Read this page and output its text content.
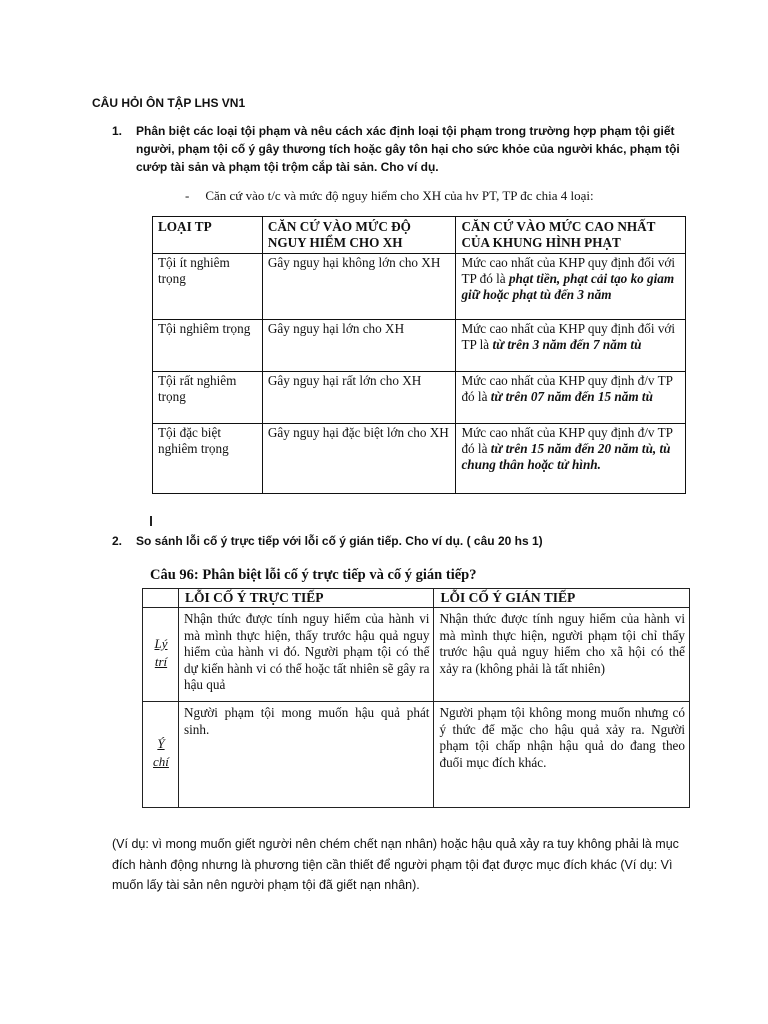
CÂU HỎI ÔN TẬP LHS VN1
1. Phân biệt các loại tội phạm và nêu cách xác định loại tội phạm trong trường hợp phạm tội giết người, phạm tội cố ý gây thương tích hoặc gây tôn hại cho sức khỏe của người khác, phạm tội cướp tài sản và phạm tội trộm cắp tài sản. Cho ví dụ.
- Căn cứ vào t/c và mức độ nguy hiểm cho XH của hv PT, TP đc chia 4 loại:
LOẠI TP	CĂN CỨ VÀO MỨC ĐỘ NGUY HIỂM CHO XH	CĂN CỨ VÀO MỨC CAO NHẤT CỦA KHUNG HÌNH PHẠT
Tội ít nghiêm trọng	Gây nguy hại không lớn cho XH	Mức cao nhất của KHP quy định đối với TP đó là phạt tiền, phạt cải tạo ko giam giữ hoặc phạt tù đến 3 năm
Tội nghiêm trọng	Gây nguy hại lớn cho XH	Mức cao nhất của KHP quy định đối với TP là từ trên 3 năm đến 7 năm tù
Tội rất nghiêm trọng	Gây nguy hại rất lớn cho XH	Mức cao nhất của KHP quy định đ/v TP đó là từ trên 07 năm đến 15 năm tù
Tội đặc biệt nghiêm trọng	Gây nguy hại đặc biệt lớn cho XH	Mức cao nhất của KHP quy định đ/v TP đó là từ trên 15 năm đến 20 năm tù, tù chung thân hoặc tử hình.
2. So sánh lỗi cố ý trực tiếp với lỗi cố ý gián tiếp. Cho ví dụ. ( câu 20 hs 1)
Câu 96: Phân biệt lỗi cố ý trực tiếp và cố ý gián tiếp?
	LỖI CỐ Ý TRỰC TIẾP	LỖI CỐ Ý GIÁN TIẾP
Lý trí	Nhận thức được tính nguy hiểm của hành vi mà mình thực hiện, thấy trước hậu quả nguy hiểm của hành vi đó. Người phạm tội có thể dự kiến hành vi có thể hoặc tất nhiên sẽ gây ra hậu quả	Nhận thức được tính nguy hiểm của hành vi mà mình thực hiện, người phạm tội chỉ thấy trước hậu quả nguy hiểm cho xã hội có thể xảy ra (không phải là tất nhiên)
Ý chí	Người phạm tội mong muốn hậu quả phát sinh.	Người phạm tội không mong muốn nhưng có ý thức để mặc cho hậu quả xảy ra. Người phạm tội chấp nhận hậu quả do đang theo đuổi mục đích khác.
(Ví dụ: vì mong muốn giết người nên chém chết nạn nhân) hoặc hậu quả xảy ra tuy không phải là mục đích hành động nhưng là phương tiện cần thiết để người phạm tội đạt được mục đích khác (Ví dụ: Vì muốn lấy tài sản nên người phạm tội đã giết nạn nhân).
